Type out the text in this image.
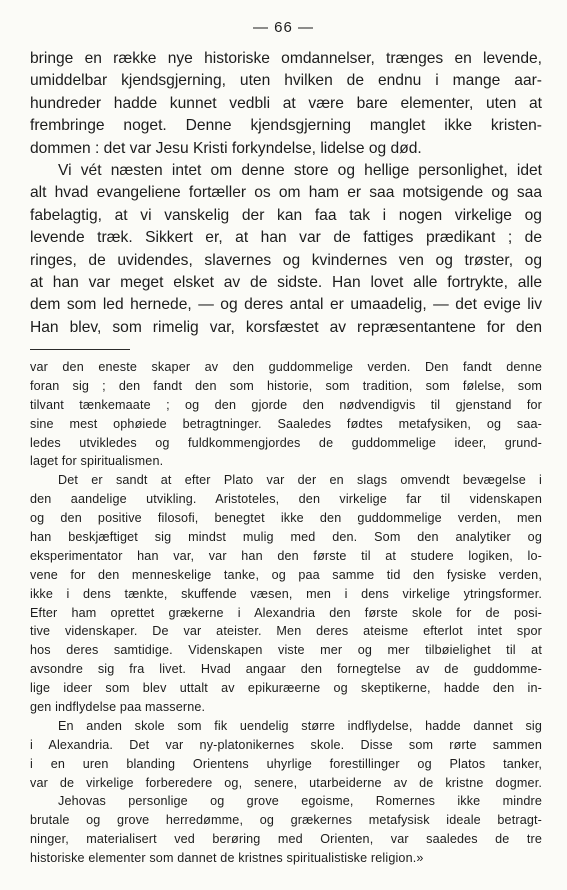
— 66 —
bringe en række nye historiske omdannelser, trænges en levende,
umiddelbar kjendsgjerning, uten hvilken de endnu i mange aar-
hundreder hadde kunnet vedbli at være bare elementer, uten at
frembringe noget. Denne kjendsgjerning manglet ikke kristen-
dommen : det var Jesu Kristi forkyndelse, lidelse og død.
Vi vét næsten intet om denne store og hellige personlighet, idet
alt hvad evangeliene fortæller os om ham er saa motsigende og saa
fabelagtig, at vi vanskelig der kan faa tak i nogen virkelige og
levende træk. Sikkert er, at han var de fattiges prædikant ; de
ringes, de uvidendes, slavernes og kvindernes ven og trøster, og
at han var meget elsket av de sidste. Han lovet alle fortrykte, alle
dem som led hernede, — og deres antal er umaadelig, — det evige liv
Han blev, som rimelig var, korsfæstet av repræsentantene for den
var den eneste skaper av den guddommelige verden. Den fandt denne
foran sig ; den fandt den som historie, som tradition, som følelse, som
tilvant tænkemaate ; og den gjorde den nødvendigvis til gjenstand for
sine mest ophøiede betragtninger. Saaledes fødtes metafysiken, og saa-
ledes utvikledes og fuldkommengjordes de guddommelige ideer, grund-
laget for spiritualismen.
Det er sandt at efter Plato var der en slags omvendt bevægelse i
den aandelige utvikling. Aristoteles, den virkelige far til videnskapen
og den positive filosofi, benegtet ikke den guddommelige verden, men
han beskjæftiget sig mindst mulig med den. Som den analytiker og
eksperimentator han var, var han den første til at studere logiken, lo-
vene for den menneskelige tanke, og paa samme tid den fysiske verden,
ikke i dens tænkte, skuffende væsen, men i dens virkelige ytringsformer.
Efter ham oprettet grækerne i Alexandria den første skole for de posi-
tive videnskaper. De var ateister. Men deres ateisme efterlot intet spor
hos deres samtidige. Videnskapen viste mer og mer tilbøielighet til at
avsondre sig fra livet. Hvad angaar den fornegtelse av de guddomme-
lige ideer som blev uttalt av epikuræerne og skeptikerne, hadde den in-
gen indflydelse paa masserne.
En anden skole som fik uendelig større indflydelse, hadde dannet sig
i Alexandria. Det var ny-platonikernes skole. Disse som rørte sammen
i en uren blanding Orientens uhyrlige forestillinger og Platos tanker,
var de virkelige forberedere og, senere, utarbeiderne av de kristne dogmer.
Jehovas personlige og grove egoisme, Romernes ikke mindre
brutale og grove herredømme, og grækernes metafysisk ideale betragt-
ninger, materialisert ved berøring med Orienten, var saaledes de tre
historiske elementer som dannet de kristnes spiritualistiske religion.»
